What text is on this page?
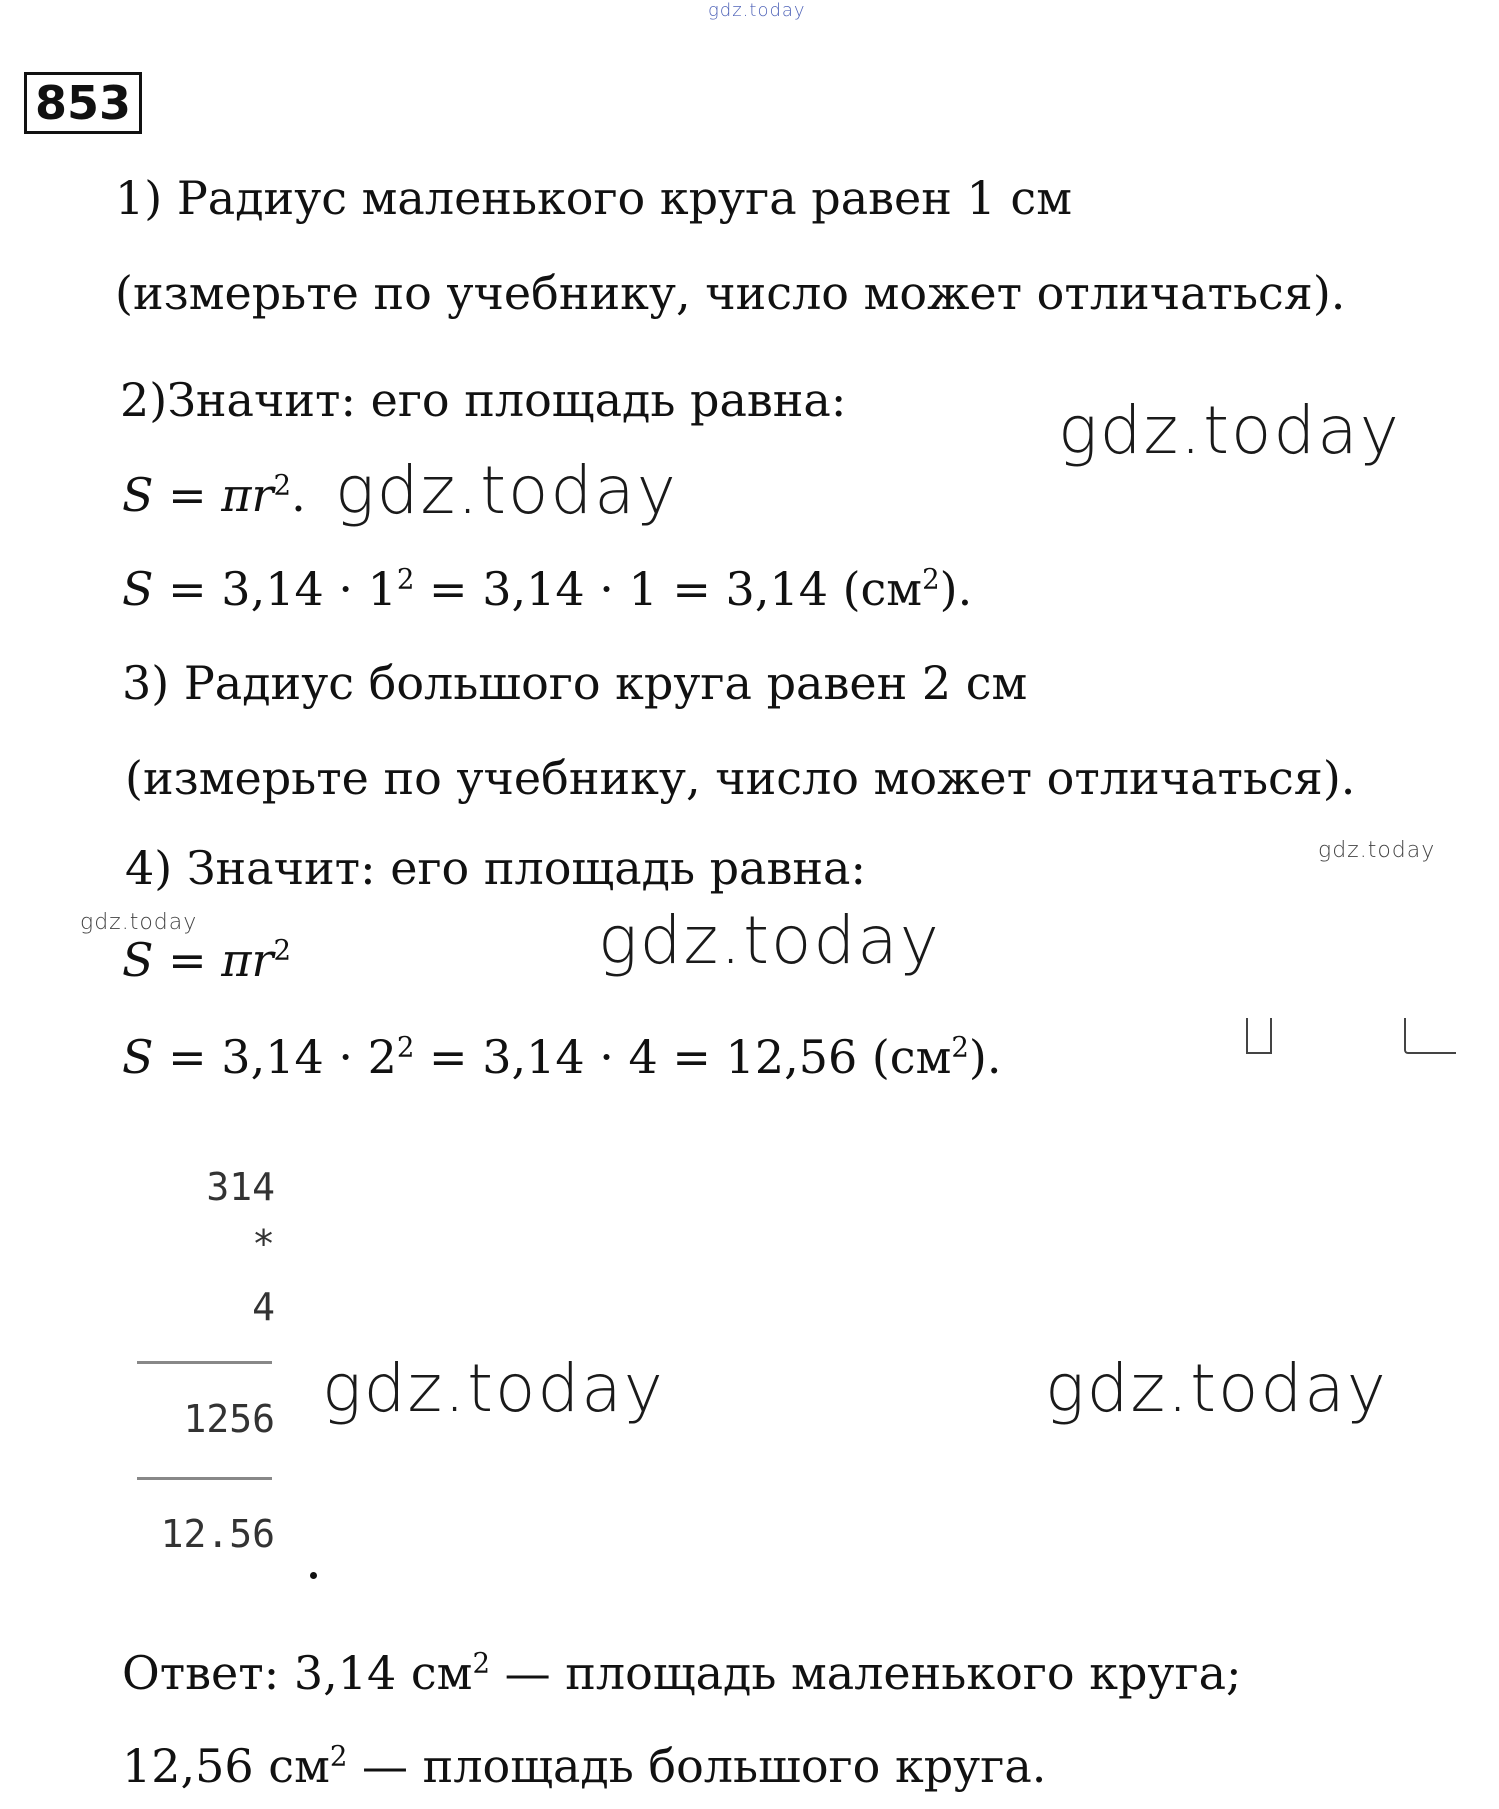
gdz.today
853
1) Радиус маленького круга равен 1 см
(измерьте по учебнику, число может отличаться).
2)Значит: его площадь равна:	gdz.today
$S = \pi r^2$. gdz.today
$S = 3,14 \cdot 1^2 = 3,14 \cdot 1 = 3,14$ $(см^2)$.
3) Радиус большого круга равен 2 см
(измерьте по учебнику, число может отличаться).
4) Значит: его площадь равна:	gdz.today
gdz.today	gdz.today
$S = \pi r^2$
$S = 3,14 \cdot 2^2 = 3,14 \cdot 4 = 12,56$ $(см^2)$.
314
*
4
1256
12.56
gdz.today	gdz.today
Ответ: 3,14 $см^2$ — площадь маленького круга;
12,56 $см^2$ — площадь большого круга.
